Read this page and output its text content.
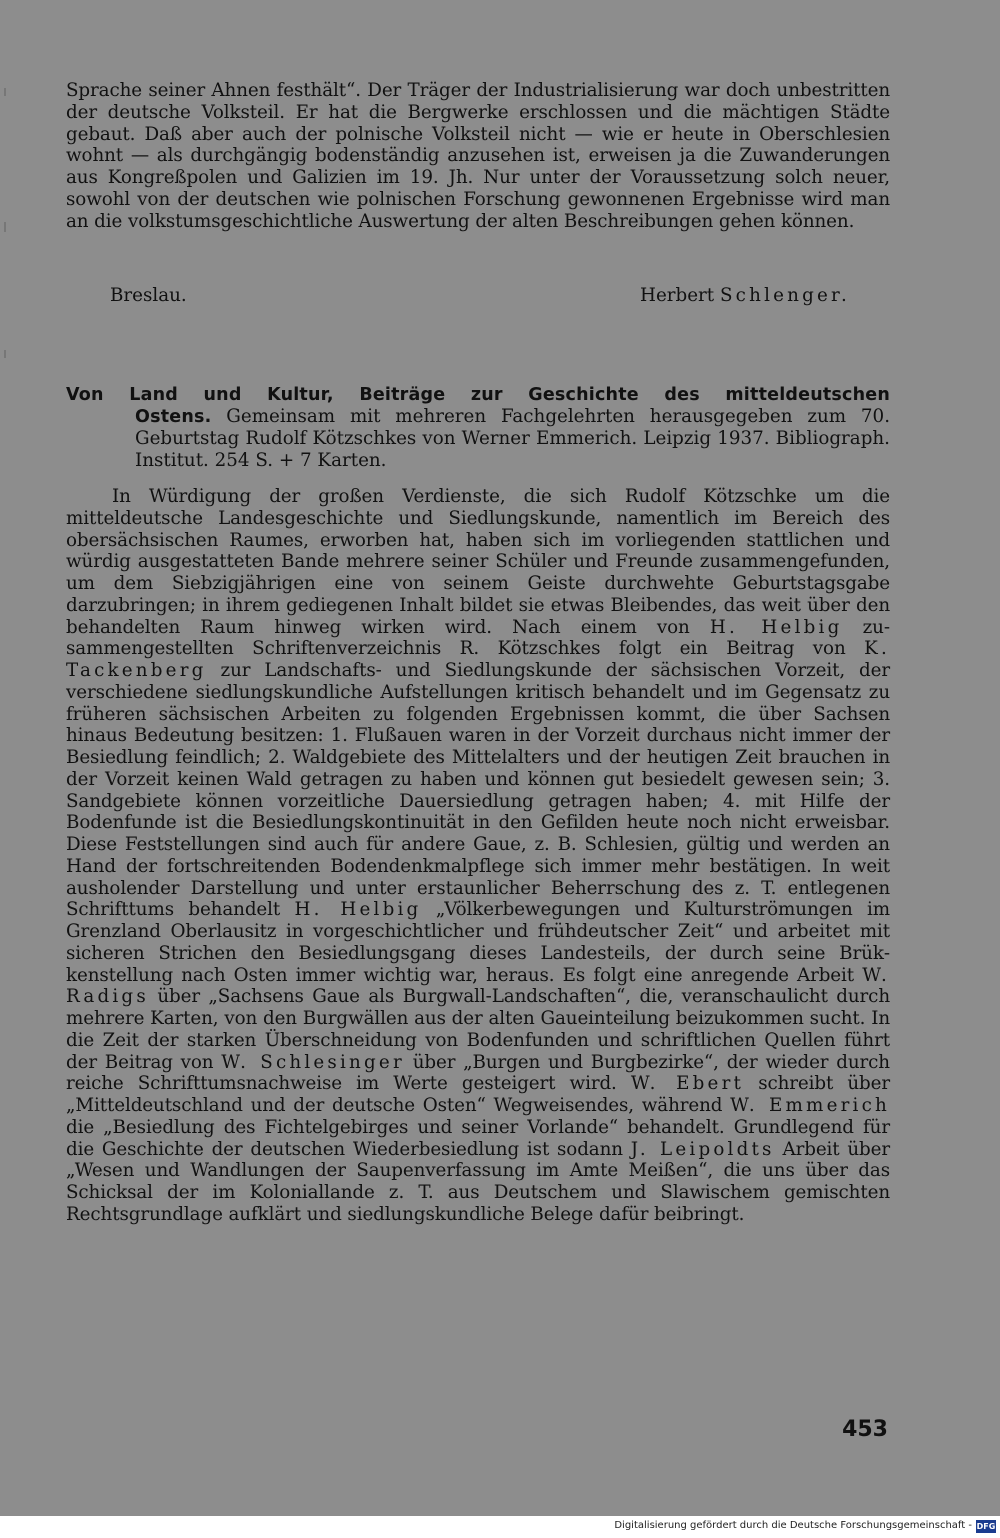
Sprache seiner Ahnen festhält“. Der Träger der Industrialisierung war doch unbestritten der deutsche Volksteil. Er hat die Bergwerke erschlossen und die mächtigen Städte gebaut. Daß aber auch der polnische Volksteil nicht — wie er heute in Oberschlesien wohnt — als durchgängig bodenständig anzusehen ist, erweisen ja die Zuwanderungen aus Kongreßpolen und Galizien im 19. Jh. Nur unter der Voraussetzung solch neuer, sowohl von der deutschen wie polnischen Forschung gewonnenen Ergebnisse wird man an die volkstumsgeschichtliche Auswertung der alten Beschreibungen gehen können.

Breslau.	Herbert Schlenger.
Von Land und Kultur, Beiträge zur Geschichte des mitteldeutschen
Ostens. Gemeinsam mit mehreren Fachgelehrten herausgegeben zum 70. Geburtstag Rudolf Kötzschkes von Werner Emmerich. Leipzig 1937. Bibliograph. Institut. 254 S. + 7 Karten.

In Würdigung der großen Verdienste, die sich Rudolf Kötzschke um die mitteldeutsche Landesgeschichte und Siedlungskunde, namentlich im Bereich des obersächsischen Raumes, erworben hat, haben sich im vorliegenden stattlichen und würdig ausgestatteten Bande mehrere seiner Schüler und Freunde zusammengefunden, um dem Siebzigjährigen eine von seinem Geiste durchwehte Geburtstagsgabe darzubringen; in ihrem gediegenen Inhalt bildet sie etwas Bleibendes, das weit über den behandelten Raum hinweg wirken wird. Nach einem von H. Helbig zusammengestellten Schriftenverzeichnis R. Kötzschkes folgt ein Beitrag von K. Tackenberg zur Landschafts- und Siedlungskunde der sächsischen Vorzeit, der verschiedene siedlungskundliche Aufstellungen kritisch behandelt und im Gegensatz zu früheren sächsischen Arbeiten zu folgenden Ergebnissen kommt, die über Sachsen hinaus Bedeutung besitzen: 1. Flußauen waren in der Vorzeit durchaus nicht immer der Besiedlung feindlich; 2. Waldgebiete des Mittelalters und der heutigen Zeit brauchen in der Vorzeit keinen Wald getragen zu haben und können gut besiedelt gewesen sein; 3. Sandgebiete können vorzeitliche Dauersiedlung getragen haben; 4. mit Hilfe der Bodenfunde ist die Besiedlungskontinuität in den Gefilden heute noch nicht erweisbar. Diese Feststellungen sind auch für andere Gaue, z. B. Schlesien, gültig und werden an Hand der fortschreitenden Bodendenkmalpflege sich immer mehr bestätigen. In weit ausholender Darstellung und unter erstaunlicher Beherrschung des z. T. entlegenen Schrifttums behandelt H. Helbig „Völkerbewegungen und Kulturströmungen im Grenzland Oberlausitz in vorgeschichtlicher und frühdeutscher Zeit“ und arbeitet mit sicheren Strichen den Besiedlungsgang dieses Landesteils, der durch seine Brükkenstellung nach Osten immer wichtig war, heraus. Es folgt eine anregende Arbeit W. Radigs über „Sachsens Gaue als Burgwall-Landschaften“, die, veranschaulicht durch mehrere Karten, von den Burgwällen aus der alten Gaueinteilung beizukommen sucht. In die Zeit der starken Überschneidung von Bodenfunden und schriftlichen Quellen führt der Beitrag von W. Schlesinger über „Burgen und Burgbezirke“, der wieder durch reiche Schrifttumsnachweise im Werte gesteigert wird. W. Ebert schreibt über „Mitteldeutschland und der deutsche Osten“ Wegweisendes, während W. Emmerich die „Besiedlung des Fichtelgebirges und seiner Vorlande“ behandelt. Grundlegend für die Geschichte der deutschen Wiederbesiedlung ist sodann J. Leipoldts Arbeit über „Wesen und Wandlungen der Saupenverfassung im Amte Meißen“, die uns über das Schicksal der im Koloniallande z. T. aus Deutschem und Slawischem gemischten Rechtsgrundlage aufklärt und siedlungskundliche Belege dafür beibringt.

453
Digitalisierung gefördert durch die Deutsche Forschungsgemeinschaft - DFG
